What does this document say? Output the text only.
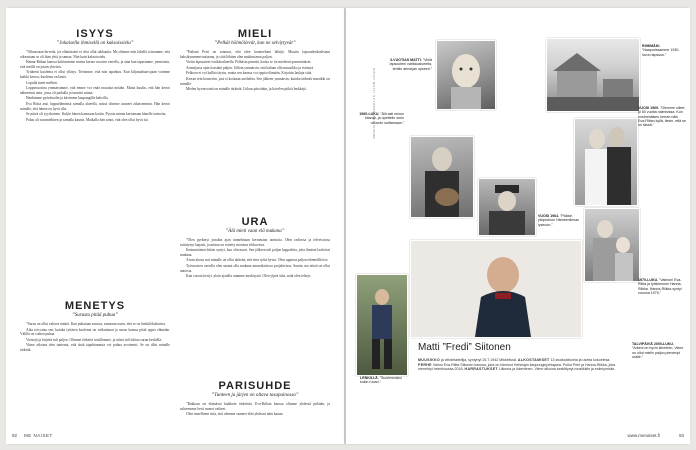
ISYYS
”Jokaisella ihmisellä on kaksoissielu”

”Oikeastaan hirveää, jos elämässäni ei olisi ollut rakkautta. Me olimme niin lähellä toisiamme, että oikeastaan se oli ihan yhtä ja samaa. Niin kuin kaksoissielu.

Hanna-Riikan kanssa kohtasimme monta kertaa vuosien varrella, ja aina kun tapasimme, ymmärsin, että meillä on jotain yhteistä.

Tyttäreni kuolema ei ollut yllätys. Tiesimme, että niin tapahtuu. Kun kiljuntahaavojaan voimme kaikki kertoa, kuolema on läsnä.

Lopulla meni mellein.

Loppuvuosina ymmärsimme, että emme voi enää muuttaa mitään. Mutta kuulin, että hän kertoi nähneensä unta, jossa oli paikalla ja tunnisti minut.

Hankimme pyörätuolin ja kävimme kaupungilla kahvilla.

Eva Riitta asui loppuelämänsä samalla alueella, missä olimme asuneet aikaisemmin. Hän kertoi minulle, että hänen on hyvä olla.

Se päivä oli syyskuinen. Kuljin hänen kanssaan kotiin. Pyysin minua kertomaan hänelle tarinoita.

Paluu oli surumielinen ja samalla kaunis. Matkalla hän sanoi, että olen ollut hyvä isä.

MENETYS
”Surusta pitää puhua”

”Surua on ollut valtava määrä. Kun puhutaan surusta, sanotaan usein, että se on henkilökohtaista.

Aika toivottaa sen, kuinka tyttären kuolema on vaikuttanut ja surun kanssa pitää oppia elämään. Välillä on vaikea puhua.

Viestejä ja kirjeitä tuli paljon. Olimme tärkeitä toisillemme, ja niistä tuli lohtua surun keskellä.

Viime aikoina olen tuntenut, että tästä tapahtumasta voi puhua avoimesti. Se on ollut minulle tärkeää.

MIELI
”Pelkät hölmöilevät, kun ne selviytyvät”

”Poikani Petri on sanonut, että olen luonteeltani lähtijä. Muutin lapsuudenkodistani kaksikymmenvuotiaana, ja siitä lähtien olen matkustanut paljon.

Vietin lapsuuteni varikkoalueella. Pelkäsin pimeää, koska se toi mieleeni pommitukset.

Armeijassa opin itsestäni paljon. Silloin ymmärsin, että haluan olla muusikko ja esiintyä.

Pelkoon ei voi hallita täysin, mutta sen kanssa voi oppia elämään. Kirjoitin lauluja siitä.

Kerran tein konsertin, jota ei koskaan unohdeta. Sen jälkeen ymmärsin, kuinka tärkeää musiikki on minulle.

Mielen hyvinvointi on minulle tärkeää. Liikun päivittäin, ja kävelen pitkiä lenkkejä.

URA
”Älä mieti vaan elä mukana”

”Olen pyrkinyt jonakin ajan tunnelmaan kertomaan tarinoita. Olen radiossa ja televisiossa esiintynyt laajasti, ja minua on esitetty monissa elokuvissa.

Ensimmäinen hittini syntyi, kun olin nuori. Sen jälkeen tuli paljon kappaleita, joita ihmiset lauloivat mukana.

Aivan alusta asti minulle on ollut tärkeää, että teen työtä hyvin. Olen oppinut paljon tekemällä itse.

Työvuosien varrella olen saanut olla mukana monenlaisissa projekteissa. Suurin osa niistä on ollut antoisia.

Kun vuosia kertyi, aloin ajatella uramme merkitystä. Olen ylpeä siitä, mitä olen tehnyt.

PARISUHDE
”Tunteen ja järjen on oltava tasapainossa”

”Rakkaus on elämässä kaikkein tärkeintä. Eva-Riikan kanssa olimme yhdessä pitkään, ja suhteemme kesti monet vaiheet.

Olen onnellinen siitä, että olemme saaneet elää yhdessä näin kauan.

92 ME NAISET
KUVAT MATTI SIITOSEN KOTIALBUMI
3-VUOTIAS MATTI. ”Vielä lapsuuteni varikkoalueelta, tehtiin armeijan upseeri.”
RIIHIMÄKI. ”Naapurissamme 1930-luvun lapsuus.”
1960-LUKU. ”Äiti asti minun kitaran, ja opettelin omin neuvoin soittamaan.”
VUOSI 1969. ”Olemme olleet jo 50 vuotta naimisissa. Kun ensimmäisen kerran näin Eva-Riitan kyllä, tiesin, että se on tässä.”
VUOSI 1964. ”Pääsin yliopistoon Hämeenlinnan lyseoon.”
1970-LUKU. ”Vaimoni Eva-Riitta ja tyttäremme Hanna-Riikka. Hanna-Riikka syntyi vuonna 1975.”
LENKILLÄ. ”Suurimmaksi kokin ruoan.”
TALVIPÄIVÄ 2000-LUKU. ”Arkeni on hyvin kiireetön. Viime on ollut mielin paljon pienempi uralle.”
Matti ”Fredi” Siitonen
MUUSIKKO ja viihdetaiteilija, syntynyt 25.7.1942 Mikkelissä. ALKOSTAMISET 13 studioalbumia ja useita kokoelmia. PERHE Vaimo Eva-Riitta Siitonen kanssa, joka on toiminut Helsingin kaupunginjohtajana. Poika Petri ja Hanna-Riikka, joka menehtyi helmikuussa 2018. HARRASTUKSET Liikunta ja lukeminen. Viime aikoina keskittynyt musiikkiin ja esiintymisiin.
www.menaiset.fi	93
